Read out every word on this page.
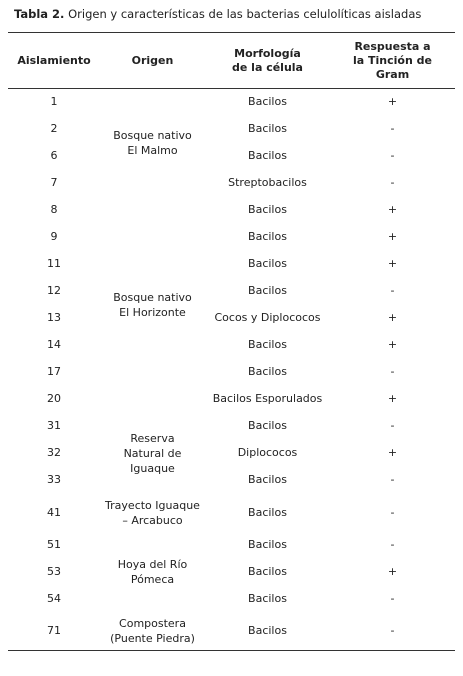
Tabla 2. Origen y características de las bacterias celulolíticas aisladas
Aislamiento	Origen	Morfología de la célula	Respuesta a la Tinción de Gram
1	Bosque nativo El Malmo	Bacilos	+
2		Bacilos	-
6		Bacilos	-
7		Streptobacilos	-
8	Bosque nativo El Horizonte	Bacilos	+
9		Bacilos	+
11		Bacilos	+
12		Bacilos	-
13		Cocos y Diplococos	+
14		Bacilos	+
17		Bacilos	-
20		Bacilos Esporulados	+
31	Reserva Natural de Iguaque	Bacilos	-
32		Diplococos	+
33		Bacilos	-
41	Trayecto Iguaque – Arcabuco	Bacilos	-
51	Hoya del Río Pómeca	Bacilos	-
53		Bacilos	+
54		Bacilos	-
71	Compostera (Puente Piedra)	Bacilos	-
